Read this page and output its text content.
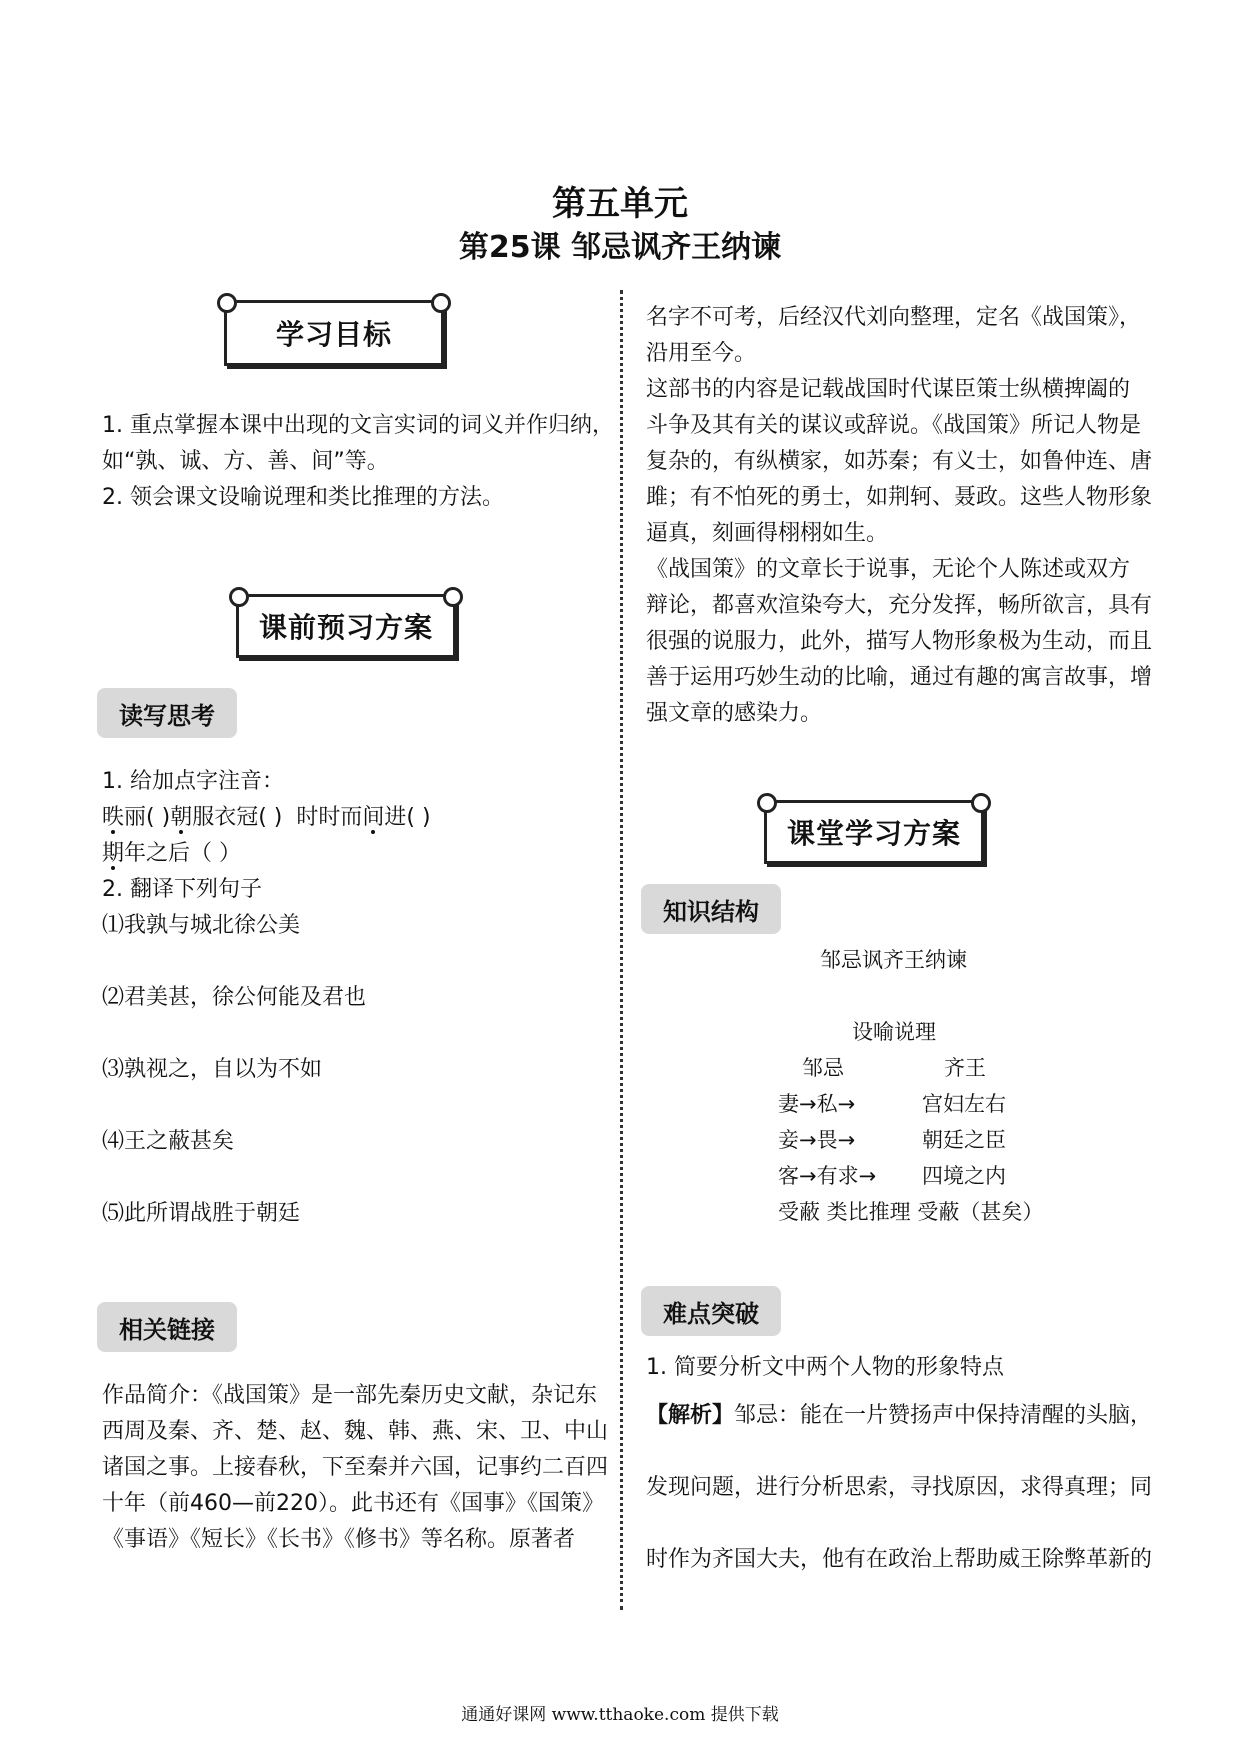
第五单元
第25课 邹忌讽齐王纳谏
学习目标
1. 重点掌握本课中出现的文言实词的词义并作归纳，
如“孰、诚、方、善、间”等。
2. 领会课文设喻说理和类比推理的方法。
课前预习方案
读写思考
1. 给加点字注音：
昳丽( )朝服衣冠( ) 时时而间进( )
期年之后（ ）
2. 翻译下列句子
⑴我孰与城北徐公美
⑵君美甚，徐公何能及君也
⑶孰视之，自以为不如
⑷王之蔽甚矣
⑸此所谓战胜于朝廷
相关链接
作品简介：《战国策》是一部先秦历史文献，杂记东
西周及秦、齐、楚、赵、魏、韩、燕、宋、卫、中山
诸国之事。上接春秋，下至秦并六国，记事约二百四
十年（前460—前220）。此书还有《国事》《国策》
《事语》《短长》《长书》《修书》等名称。原著者
名字不可考，后经汉代刘向整理，定名《战国策》，
沿用至今。
这部书的内容是记载战国时代谋臣策士纵横捭阖的
斗争及其有关的谋议或辞说。《战国策》所记人物是
复杂的，有纵横家，如苏秦；有义士，如鲁仲连、唐
雎；有不怕死的勇士，如荆轲、聂政。这些人物形象
逼真，刻画得栩栩如生。
《战国策》的文章长于说事，无论个人陈述或双方
辩论，都喜欢渲染夸大，充分发挥，畅所欲言，具有
很强的说服力，此外，描写人物形象极为生动，而且
善于运用巧妙生动的比喻，通过有趣的寓言故事，增
强文章的感染力。
课堂学习方案
知识结构
邹忌讽齐王纳谏
设喻说理
邹忌	齐王
妻→私→	宫妇左右
妾→畏→	朝廷之臣
客→有求→ 四境之内
受蔽 类比推理 受蔽（甚矣）
难点突破
1. 简要分析文中两个人物的形象特点
【解析】邹忌：能在一片赞扬声中保持清醒的头脑，
发现问题，进行分析思索，寻找原因，求得真理；同
时作为齐国大夫，他有在政治上帮助威王除弊革新的
通通好课网 www.tthaoke.com 提供下载
